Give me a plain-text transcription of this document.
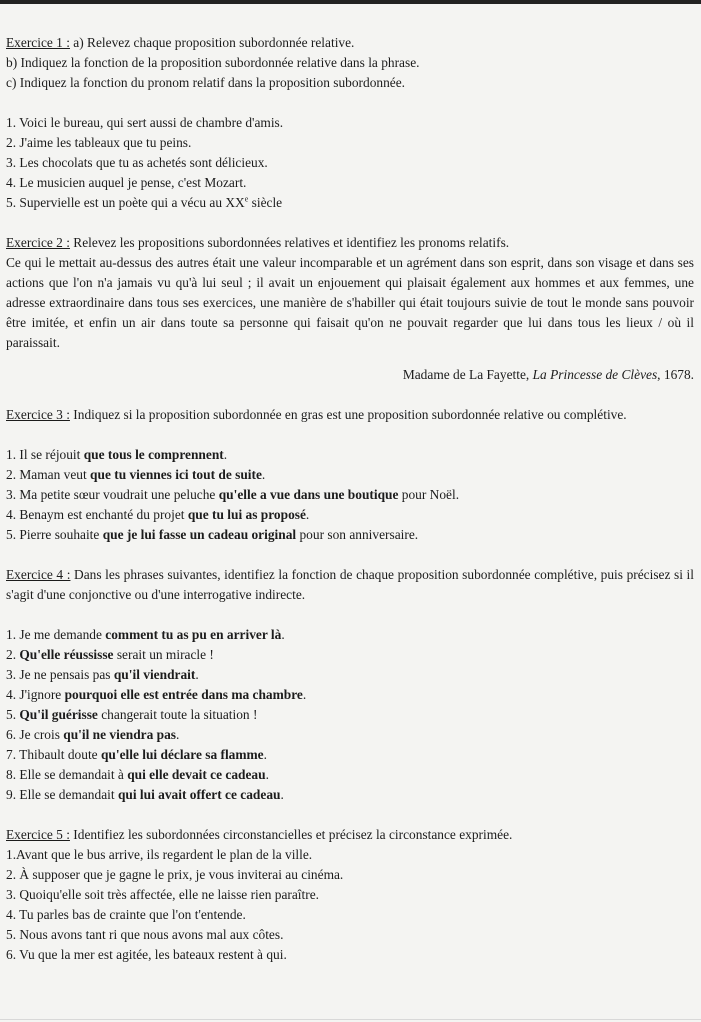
Exercice 1 : a) Relevez chaque proposition subordonnée relative.

b) Indiquez la fonction de la proposition subordonnée relative dans la phrase.

c) Indiquez la fonction du pronom relatif dans la proposition subordonnée.

1. Voici le bureau, qui sert aussi de chambre d'amis.

2. J'aime les tableaux que tu peins.

3. Les chocolats que tu as achetés sont délicieux.

4. Le musicien auquel je pense, c'est Mozart.

5. Supervielle est un poète qui a vécu au XXe siècle

Exercice 2 : Relevez les propositions subordonnées relatives et identifiez les pronoms relatifs.

Ce qui le mettait au-dessus des autres était une valeur incomparable et un agrément dans son esprit, dans son visage et dans ses actions que l'on n'a jamais vu qu'à lui seul ; il avait un enjouement qui plaisait également aux hommes et aux femmes, une adresse extraordinaire dans tous ses exercices, une manière de s'habiller qui était toujours suivie de tout le monde sans pouvoir être imitée, et enfin un air dans toute sa personne qui faisait qu'on ne pouvait regarder que lui dans tous les lieux / où il paraissait.

Madame de La Fayette, La Princesse de Clèves, 1678.

Exercice 3 : Indiquez si la proposition subordonnée en gras est une proposition subordonnée relative ou complétive.

1. Il se réjouit que tous le comprennent.

2. Maman veut que tu viennes ici tout de suite.

3. Ma petite sœur voudrait une peluche qu'elle a vue dans une boutique pour Noël.

4. Benaym est enchanté du projet que tu lui as proposé.

5. Pierre souhaite que je lui fasse un cadeau original pour son anniversaire.

Exercice 4 : Dans les phrases suivantes, identifiez la fonction de chaque proposition subordonnée complétive, puis précisez si il s'agit d'une conjonctive ou d'une interrogative indirecte.

1. Je me demande comment tu as pu en arriver là.

2. Qu'elle réussisse serait un miracle !

3. Je ne pensais pas qu'il viendrait.

4. J'ignore pourquoi elle est entrée dans ma chambre.

5. Qu'il guérisse changerait toute la situation !

6. Je crois qu'il ne viendra pas.

7. Thibault doute qu'elle lui déclare sa flamme.

8. Elle se demandait à qui elle devait ce cadeau.

9. Elle se demandait qui lui avait offert ce cadeau.

Exercice 5 : Identifiez les subordonnées circonstancielles et précisez la circonstance exprimée.

1.Avant que le bus arrive, ils regardent le plan de la ville.

2. À supposer que je gagne le prix, je vous inviterai au cinéma.

3. Quoiqu'elle soit très affectée, elle ne laisse rien paraître.

4. Tu parles bas de crainte que l'on t'entende.

5. Nous avons tant ri que nous avons mal aux côtes.

6. Vu que la mer est agitée, les bateaux restent à qui.
